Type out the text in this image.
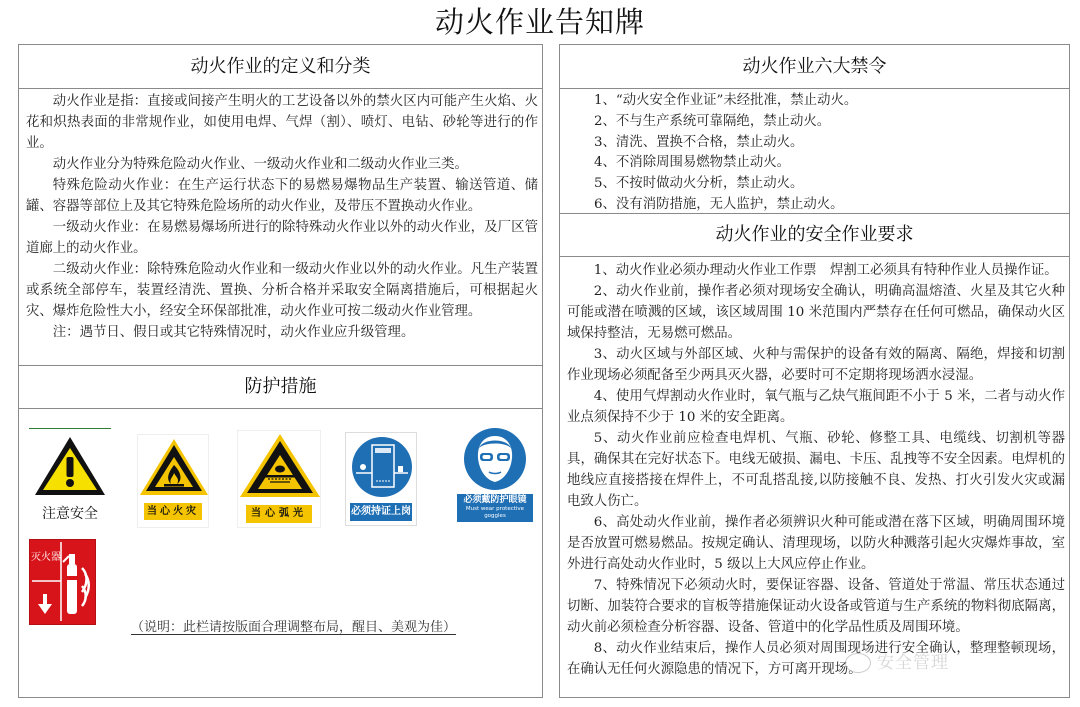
动火作业告知牌
动火作业的定义和分类

动火作业是指：直接或间接产生明火的工艺设备以外的禁火区内可能产生火焰、火花和炽热表面的非常规作业，如使用电焊、气焊（割）、喷灯、电钻、砂轮等进行的作业。

动火作业分为特殊危险动火作业、一级动火作业和二级动火作业三类。

特殊危险动火作业：在生产运行状态下的易燃易爆物品生产装置、输送管道、储罐、容器等部位上及其它特殊危险场所的动火作业，及带压不置换动火作业。

一级动火作业：在易燃易爆场所进行的除特殊动火作业以外的动火作业，及厂区管道廊上的动火作业。

二级动火作业：除特殊危险动火作业和一级动火作业以外的动火作业。凡生产装置或系统全部停车，装置经清洗、置换、分析合格并采取安全隔离措施后，可根据起火灾、爆炸危险性大小，经安全环保部批准，动火作业可按二级动火作业管理。

注：遇节日、假日或其它特殊情况时，动火作业应升级管理。

防护措施
注意安全	当心火灾	当心弧光	必须持证上岗
必须戴防护眼镜
Must wear protective goggles
灭火器
（说明：此栏请按版面合理调整布局，醒目、美观为佳）
动火作业六大禁令
1、“动火安全作业证”未经批准，禁止动火。
2、不与生产系统可靠隔绝，禁止动火。
3、清洗、置换不合格，禁止动火。
4、不消除周围易燃物禁止动火。
5、不按时做动火分析，禁止动火。
6、没有消防措施，无人监护，禁止动火。
动火作业的安全作业要求

1、动火作业必须办理动火作业工作票　焊割工必须具有特种作业人员操作证。

2、动火作业前，操作者必须对现场安全确认，明确高温熔渣、火星及其它火种可能或潜在喷溅的区域，该区域周围 10 米范围内严禁存在任何可燃品，确保动火区域保持整洁，无易燃可燃品。

3、动火区域与外部区域、火种与需保护的设备有效的隔离、隔绝，焊接和切割作业现场必须配备至少两具灭火器，必要时可不定期将现场洒水浸湿。

4、使用气焊割动火作业时，氧气瓶与乙炔气瓶间距不小于 5 米，二者与动火作业点须保持不少于 10 米的安全距离。

5、动火作业前应检查电焊机、气瓶、砂轮、修整工具、电缆线、切割机等器具，确保其在完好状态下。电线无破损、漏电、卡压、乱拽等不安全因素。电焊机的地线应直接搭接在焊件上，不可乱搭乱接,以防接触不良、发热、打火引发火灾或漏电致人伤亡。

6、高处动火作业前，操作者必须辨识火种可能或潜在落下区域，明确周围环境是否放置可燃易燃品。按规定确认、清理现场，以防火种溅落引起火灾爆炸事故，室外进行高处动火作业时，5 级以上大风应停止作业。

7、特殊情况下必须动火时，要保证容器、设备、管道处于常温、常压状态通过切断、加装符合要求的盲板等措施保证动火设备或管道与生产系统的物料彻底隔离，动火前必须检查分析容器、设备、管道中的化学品性质及周围环境。

8、动火作业结束后，操作人员必须对周围现场进行安全确认，整理整顿现场，在确认无任何火源隐患的情况下，方可离开现场。 安全管理
